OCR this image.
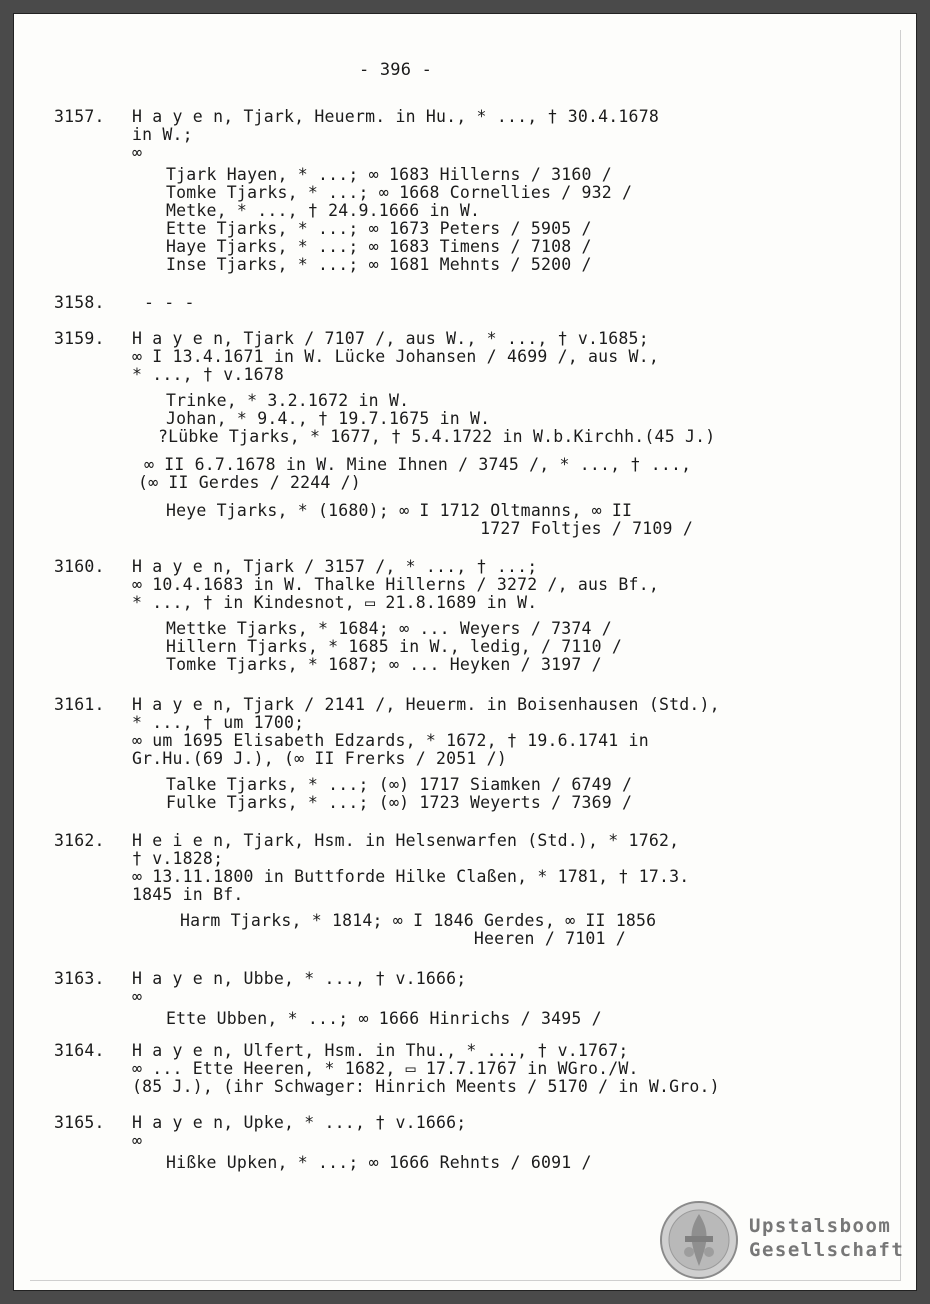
- 396 -
3157.	H a y e n, Tjark, Heuerm. in Hu., * ..., † 30.4.1678
in W.;
∞
Tjark Hayen, * ...; ∞ 1683 Hillerns / 3160 /
Tomke Tjarks, * ...; ∞ 1668 Cornellies / 932 /
Metke, * ..., † 24.9.1666 in W.
Ette Tjarks, * ...; ∞ 1673 Peters / 5905 /
Haye Tjarks, * ...; ∞ 1683 Timens / 7108 /
Inse Tjarks, * ...; ∞ 1681 Mehnts / 5200 /
3158.	- - -
3159.	H a y e n, Tjark / 7107 /, aus W., * ..., † v.1685;
∞ I 13.4.1671 in W. Lücke Johansen / 4699 /, aus W.,
* ..., † v.1678
Trinke, * 3.2.1672 in W.
Johan, * 9.4., † 19.7.1675 in W.
?Lübke Tjarks, * 1677, † 5.4.1722 in W.b.Kirchh.(45 J.)
∞ II 6.7.1678 in W. Mine Ihnen / 3745 /, * ..., † ...,
(∞ II Gerdes / 2244 /)
Heye Tjarks, * (1680); ∞ I 1712 Oltmanns, ∞ II
1727 Foltjes / 7109 /
3160.	H a y e n, Tjark / 3157 /, * ..., † ...;
∞ 10.4.1683 in W. Thalke Hillerns / 3272 /, aus Bf.,
* ..., † in Kindesnot, ▭ 21.8.1689 in W.
Mettke Tjarks, * 1684; ∞ ... Weyers / 7374 /
Hillern Tjarks, * 1685 in W., ledig, / 7110 /
Tomke Tjarks, * 1687; ∞ ... Heyken / 3197 /
3161.	H a y e n, Tjark / 2141 /, Heuerm. in Boisenhausen (Std.),
* ..., † um 1700;
∞ um 1695 Elisabeth Edzards, * 1672, † 19.6.1741 in
Gr.Hu.(69 J.), (∞ II Frerks / 2051 /)
Talke Tjarks, * ...; (∞) 1717 Siamken / 6749 /
Fulke Tjarks, * ...; (∞) 1723 Weyerts / 7369 /
3162.	H e i e n, Tjark, Hsm. in Helsenwarfen (Std.), * 1762,
† v.1828;
∞ 13.11.1800 in Buttforde Hilke Claßen, * 1781, † 17.3.
1845 in Bf.
Harm Tjarks, * 1814; ∞ I 1846 Gerdes, ∞ II 1856
Heeren / 7101 /
3163.	H a y e n, Ubbe, * ..., † v.1666;
∞
Ette Ubben, * ...; ∞ 1666 Hinrichs / 3495 /
3164.	H a y e n, Ulfert, Hsm. in Thu., * ..., † v.1767;
∞ ... Ette Heeren, * 1682, ▭ 17.7.1767 in WGro./W.
(85 J.), (ihr Schwager: Hinrich Meents / 5170 / in W.Gro.)
3165.	H a y e n, Upke, * ..., † v.1666;
∞
Hißke Upken, * ...; ∞ 1666 Rehnts / 6091 /
Upstalsboom
Gesellschaft
